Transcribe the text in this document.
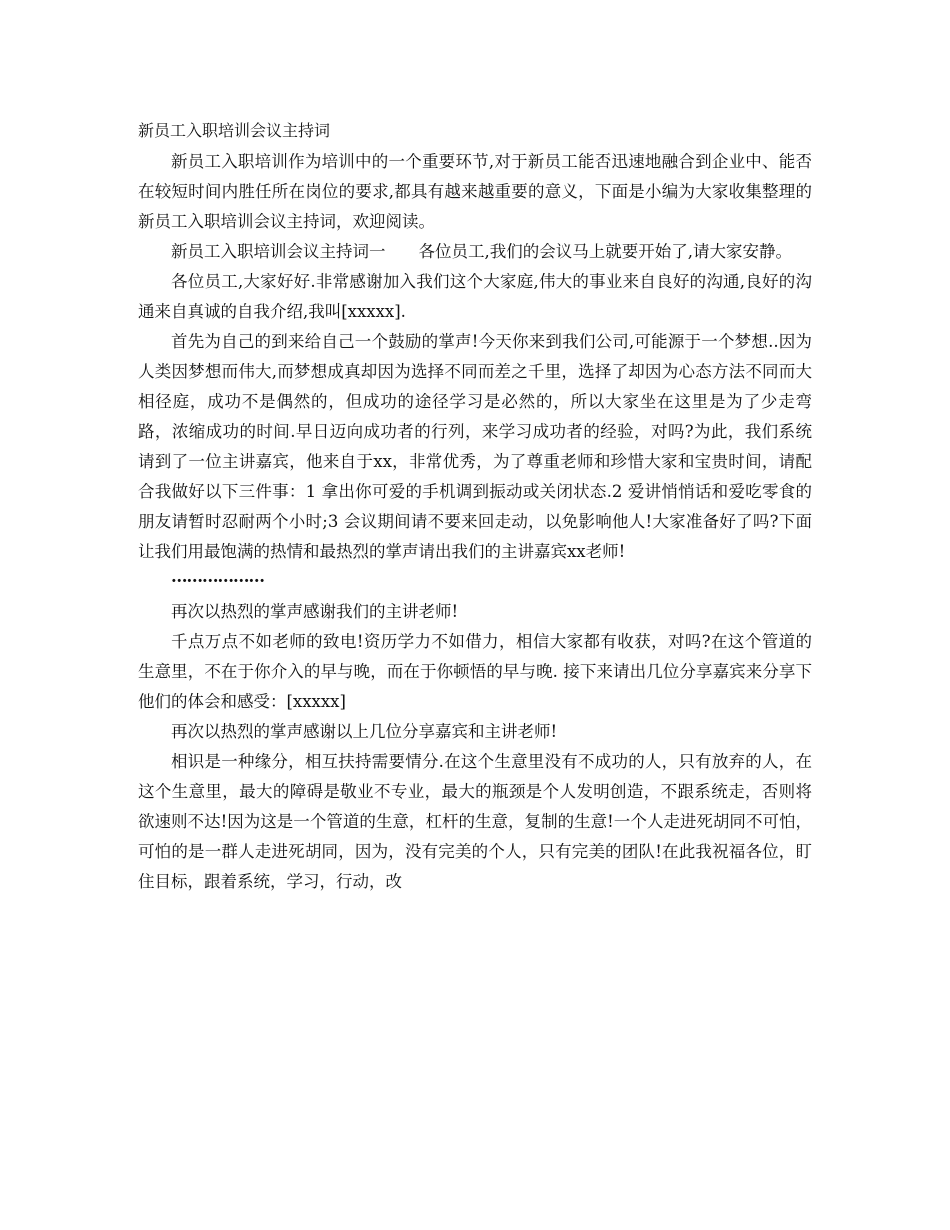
新员工入职培训会议主持词

新员工入职培训作为培训中的一个重要环节,对于新员工能否迅速地融合到企业中、能否在较短时间内胜任所在岗位的要求,都具有越来越重要的意义，下面是小编为大家收集整理的新员工入职培训会议主持词，欢迎阅读。

新员工入职培训会议主持词一　　各位员工,我们的会议马上就要开始了,请大家安静。

各位员工,大家好好.非常感谢加入我们这个大家庭,伟大的事业来自良好的沟通,良好的沟通来自真诚的自我介绍,我叫[xxxxx].

首先为自己的到来给自己一个鼓励的掌声!今天你来到我们公司,可能源于一个梦想..因为人类因梦想而伟大,而梦想成真却因为选择不同而差之千里，选择了却因为心态方法不同而大相径庭，成功不是偶然的，但成功的途径学习是必然的，所以大家坐在这里是为了少走弯路，浓缩成功的时间.早日迈向成功者的行列，来学习成功者的经验，对吗?为此，我们系统请到了一位主讲嘉宾，他来自于xx，非常优秀，为了尊重老师和珍惜大家和宝贵时间，请配合我做好以下三件事：1 拿出你可爱的手机调到振动或关闭状态.2 爱讲悄悄话和爱吃零食的朋友请暂时忍耐两个小时;3 会议期间请不要来回走动，以免影响他人!大家准备好了吗?下面让我们用最饱满的热情和最热烈的掌声请出我们的主讲嘉宾xx老师!

………………

再次以热烈的掌声感谢我们的主讲老师!

千点万点不如老师的致电!资历学力不如借力，相信大家都有收获，对吗?在这个管道的生意里，不在于你介入的早与晚，而在于你顿悟的早与晚. 接下来请出几位分享嘉宾来分享下他们的体会和感受：[xxxxx]

再次以热烈的掌声感谢以上几位分享嘉宾和主讲老师!

相识是一种缘分，相互扶持需要情分.在这个生意里没有不成功的人，只有放弃的人，在这个生意里，最大的障碍是敬业不专业，最大的瓶颈是个人发明创造，不跟系统走，否则将欲速则不达!因为这是一个管道的生意，杠杆的生意，复制的生意!一个人走进死胡同不可怕，可怕的是一群人走进死胡同，因为，没有完美的个人，只有完美的团队!在此我祝福各位，盯住目标，跟着系统，学习，行动，改
